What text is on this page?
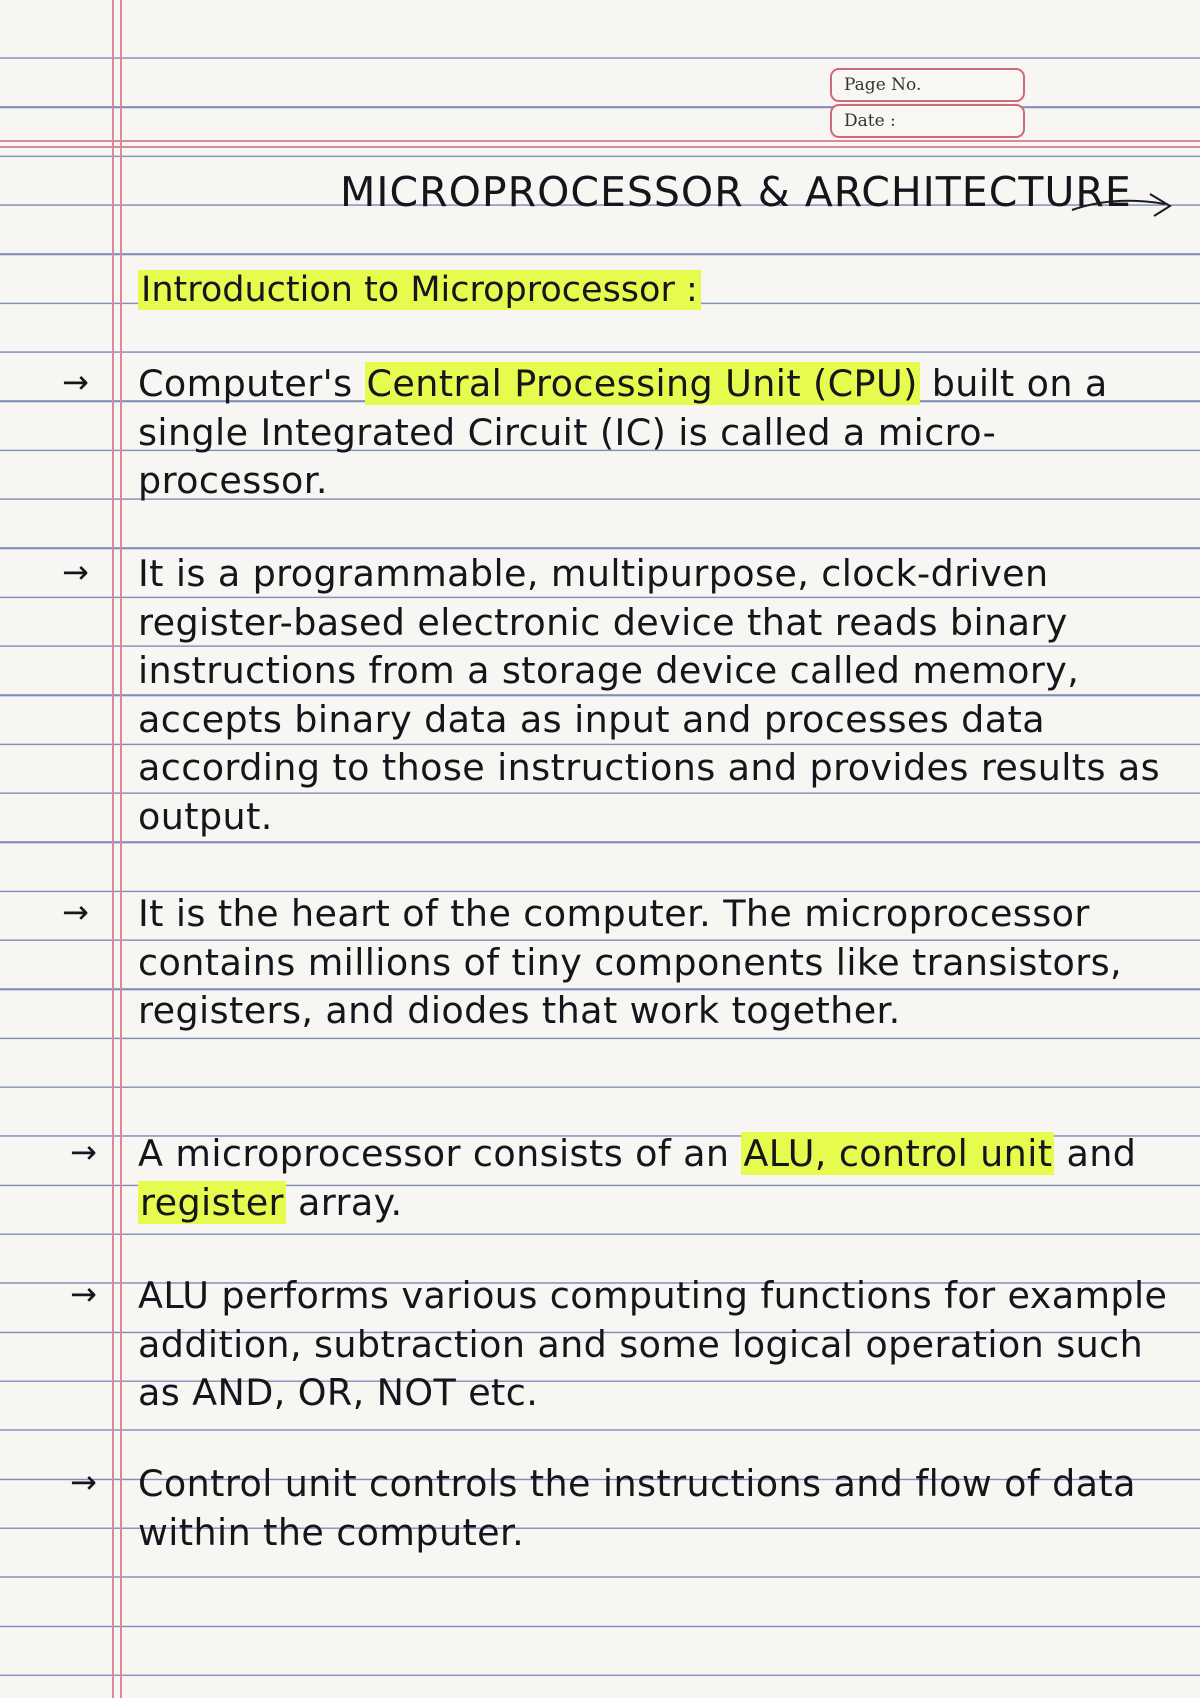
Page No.
Date :
MICROPROCESSOR & ARCHITECTURE
Introduction to Microprocessor :
→ Computer's Central Processing Unit (CPU) built on a single Integrated Circuit (IC) is called a micro-processor.

→ It is a programmable, multipurpose, clock-driven register-based electronic device that reads binary instructions from a storage device called memory, accepts binary data as input and processes data according to those instructions and provides results as output.

→ It is the heart of the computer. The microprocessor contains millions of tiny components like transistors, registers, and diodes that work together.

→ A microprocessor consists of an ALU, control unit and register array.

→ ALU performs various computing functions for example addition, subtraction and some logical operation such as AND, OR, NOT etc.

→ Control unit controls the instructions and flow of data within the computer.
